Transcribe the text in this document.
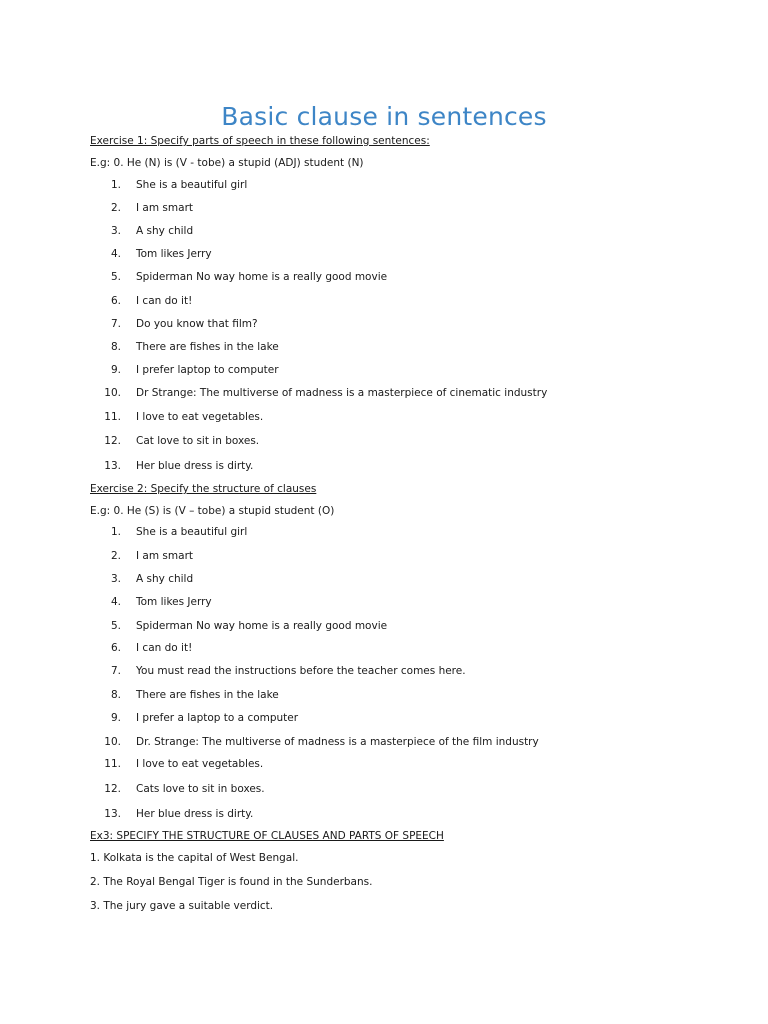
Basic clause in sentences
Exercise 1: Specify parts of speech in these following sentences:
E.g: 0. He (N) is (V - tobe) a stupid (ADJ) student (N)
1. She is a beautiful girl
2. I am smart
3. A shy child
4. Tom likes Jerry
5. Spiderman No way home is a really good movie
6. I can do it!
7. Do you know that film?
8. There are fishes in the lake
9. I prefer laptop to computer
10. Dr Strange: The multiverse of madness is a masterpiece of cinematic industry
11. I love to eat vegetables.
12. Cat love to sit in boxes.
13. Her blue dress is dirty.
Exercise 2: Specify the structure of clauses
E.g: 0. He (S) is (V – tobe) a stupid student (O)
1. She is a beautiful girl
2. I am smart
3. A shy child
4. Tom likes Jerry
5. Spiderman No way home is a really good movie
6. I can do it!
7. You must read the instructions before the teacher comes here.
8. There are fishes in the lake
9. I prefer a laptop to a computer
10. Dr. Strange: The multiverse of madness is a masterpiece of the film industry
11. I love to eat vegetables.
12. Cats love to sit in boxes.
13. Her blue dress is dirty.
Ex3: SPECIFY THE STRUCTURE OF CLAUSES AND PARTS OF SPEECH
1. Kolkata is the capital of West Bengal.
2. The Royal Bengal Tiger is found in the Sunderbans.
3. The jury gave a suitable verdict.
